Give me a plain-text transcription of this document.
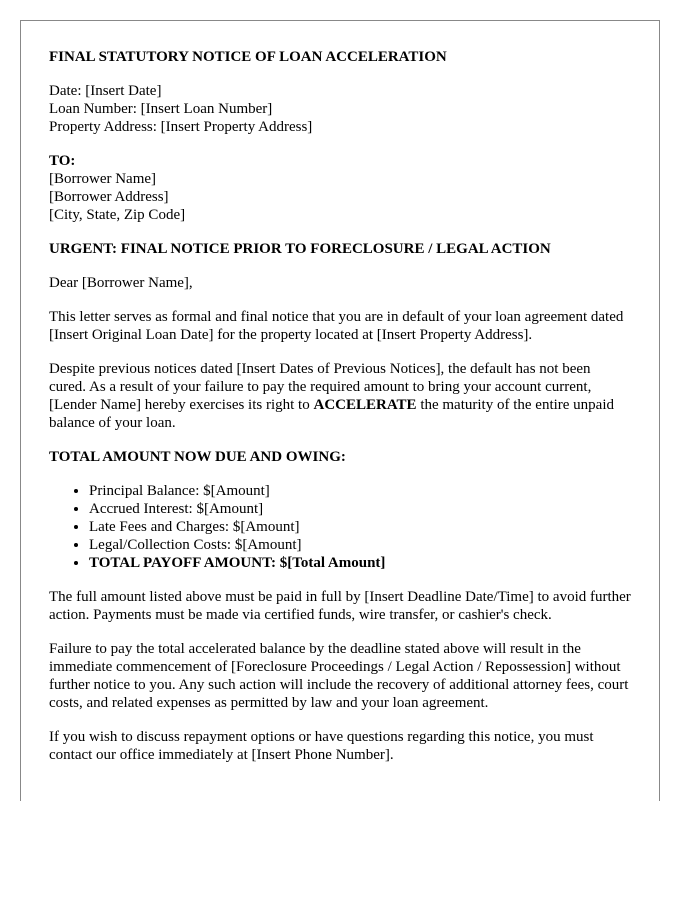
FINAL STATUTORY NOTICE OF LOAN ACCELERATION
Date: [Insert Date]
Loan Number: [Insert Loan Number]
Property Address: [Insert Property Address]
TO:
[Borrower Name]
[Borrower Address]
[City, State, Zip Code]

URGENT: FINAL NOTICE PRIOR TO FORECLOSURE / LEGAL ACTION

Dear [Borrower Name],

This letter serves as formal and final notice that you are in default of your loan agreement dated [Insert Original Loan Date] for the property located at [Insert Property Address].

Despite previous notices dated [Insert Dates of Previous Notices], the default has not been cured. As a result of your failure to pay the required amount to bring your account current, [Lender Name] hereby exercises its right to ACCELERATE the maturity of the entire unpaid balance of your loan.

TOTAL AMOUNT NOW DUE AND OWING:

• Principal Balance: $[Amount]
• Accrued Interest: $[Amount]
• Late Fees and Charges: $[Amount]
• Legal/Collection Costs: $[Amount]
• TOTAL PAYOFF AMOUNT: $[Total Amount]

The full amount listed above must be paid in full by [Insert Deadline Date/Time] to avoid further action. Payments must be made via certified funds, wire transfer, or cashier's check.

Failure to pay the total accelerated balance by the deadline stated above will result in the immediate commencement of [Foreclosure Proceedings / Legal Action / Repossession] without further notice to you. Any such action will include the recovery of additional attorney fees, court costs, and related expenses as permitted by law and your loan agreement.

If you wish to discuss repayment options or have questions regarding this notice, you must contact our office immediately at [Insert Phone Number].
